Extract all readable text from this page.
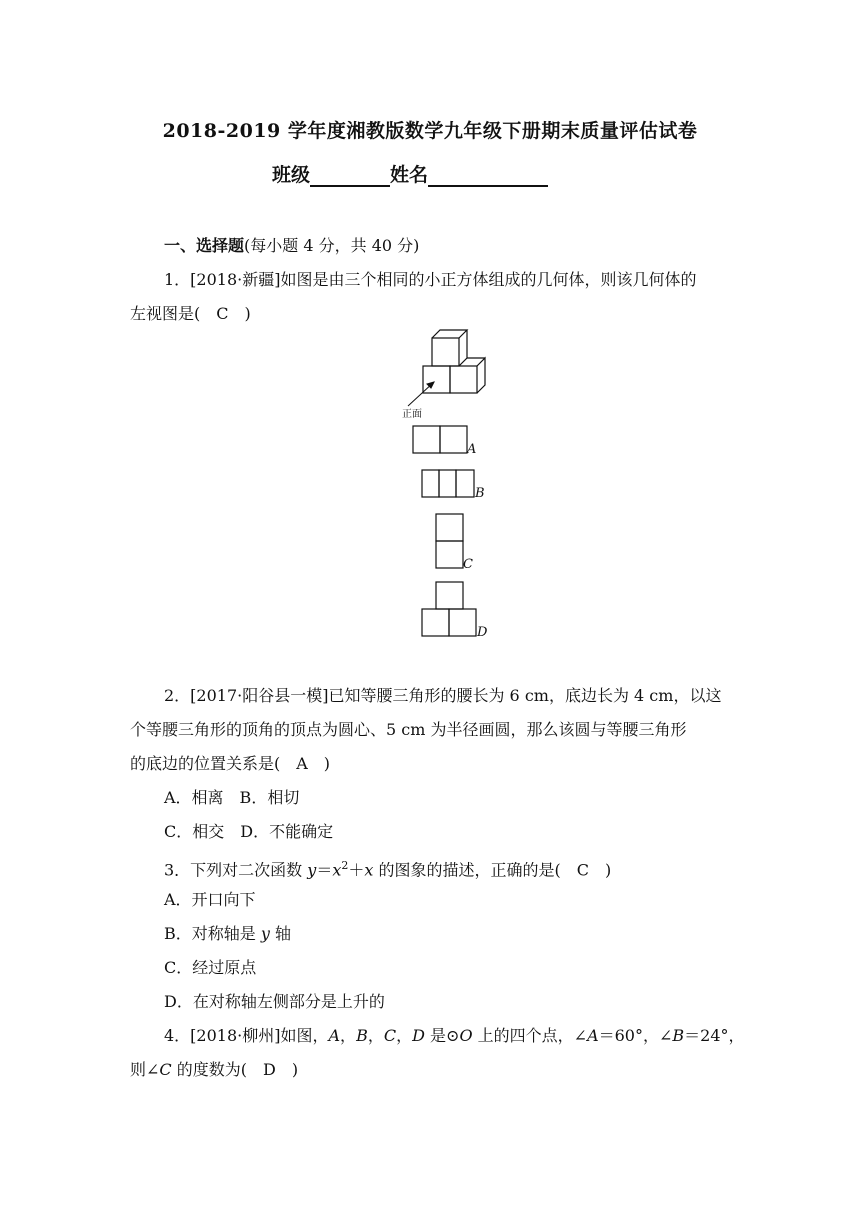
2018-2019 学年度湘教版数学九年级下册期末质量评估试卷
班级	姓名
一、选择题(每小题 4 分，共 40 分)
1．[2018·新疆]如图是由三个相同的小正方体组成的几何体，则该几何体的
左视图是(　C　)
正面
A
B
C
D
2．[2017·阳谷县一模]已知等腰三角形的腰长为 6 cm，底边长为 4 cm，以这
个等腰三角形的顶角的顶点为圆心、5 cm 为半径画圆，那么该圆与等腰三角形
的底边的位置关系是(　A　)
A．相离　B．相切
C．相交　D．不能确定
3．下列对二次函数 $y=x^2+x$ 的图象的描述，正确的是(　C　)
A．开口向下
B．对称轴是 y 轴
C．经过原点
D．在对称轴左侧部分是上升的
4．[2018·柳州]如图，A，B，C，D 是⊙O 上的四个点，∠A＝60°，∠B＝24°，
则∠C 的度数为(　D　)
